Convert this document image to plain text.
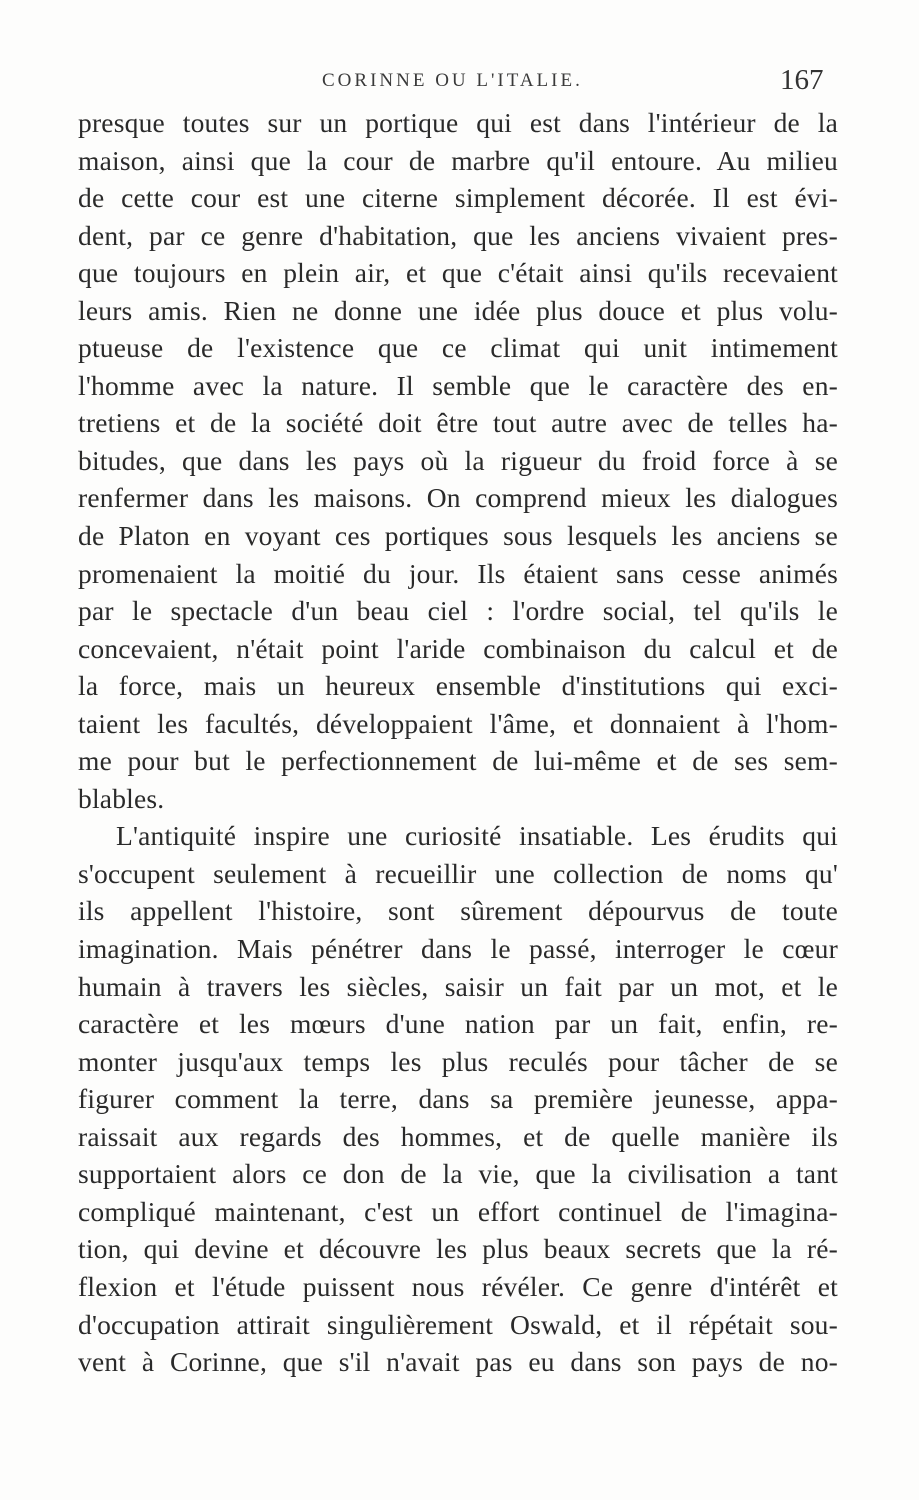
CORINNE OU L'ITALIE.	167
presque toutes sur un portique qui est dans l'intérieur de la
maison, ainsi que la cour de marbre qu'il entoure. Au milieu
de cette cour est une citerne simplement décorée. Il est évi-
dent, par ce genre d'habitation, que les anciens vivaient pres-
que toujours en plein air, et que c'était ainsi qu'ils recevaient
leurs amis. Rien ne donne une idée plus douce et plus volu-
ptueuse de l'existence que ce climat qui unit intimement
l'homme avec la nature. Il semble que le caractère des en-
tretiens et de la société doit être tout autre avec de telles ha-
bitudes, que dans les pays où la rigueur du froid force à se
renfermer dans les maisons. On comprend mieux les dialogues
de Platon en voyant ces portiques sous lesquels les anciens se
promenaient la moitié du jour. Ils étaient sans cesse animés
par le spectacle d'un beau ciel : l'ordre social, tel qu'ils le
concevaient, n'était point l'aride combinaison du calcul et de
la force, mais un heureux ensemble d'institutions qui exci-
taient les facultés, développaient l'âme, et donnaient à l'hom-
me pour but le perfectionnement de lui-même et de ses sem-
blables.
L'antiquité inspire une curiosité insatiable. Les érudits qui
s'occupent seulement à recueillir une collection de noms qu'
ils appellent l'histoire, sont sûrement dépourvus de toute
imagination. Mais pénétrer dans le passé, interroger le cœur
humain à travers les siècles, saisir un fait par un mot, et le
caractère et les mœurs d'une nation par un fait, enfin, re-
monter jusqu'aux temps les plus reculés pour tâcher de se
figurer comment la terre, dans sa première jeunesse, appa-
raissait aux regards des hommes, et de quelle manière ils
supportaient alors ce don de la vie, que la civilisation a tant
compliqué maintenant, c'est un effort continuel de l'imagina-
tion, qui devine et découvre les plus beaux secrets que la ré-
flexion et l'étude puissent nous révéler. Ce genre d'intérêt et
d'occupation attirait singulièrement Oswald, et il répétait sou-
vent à Corinne, que s'il n'avait pas eu dans son pays de no-
